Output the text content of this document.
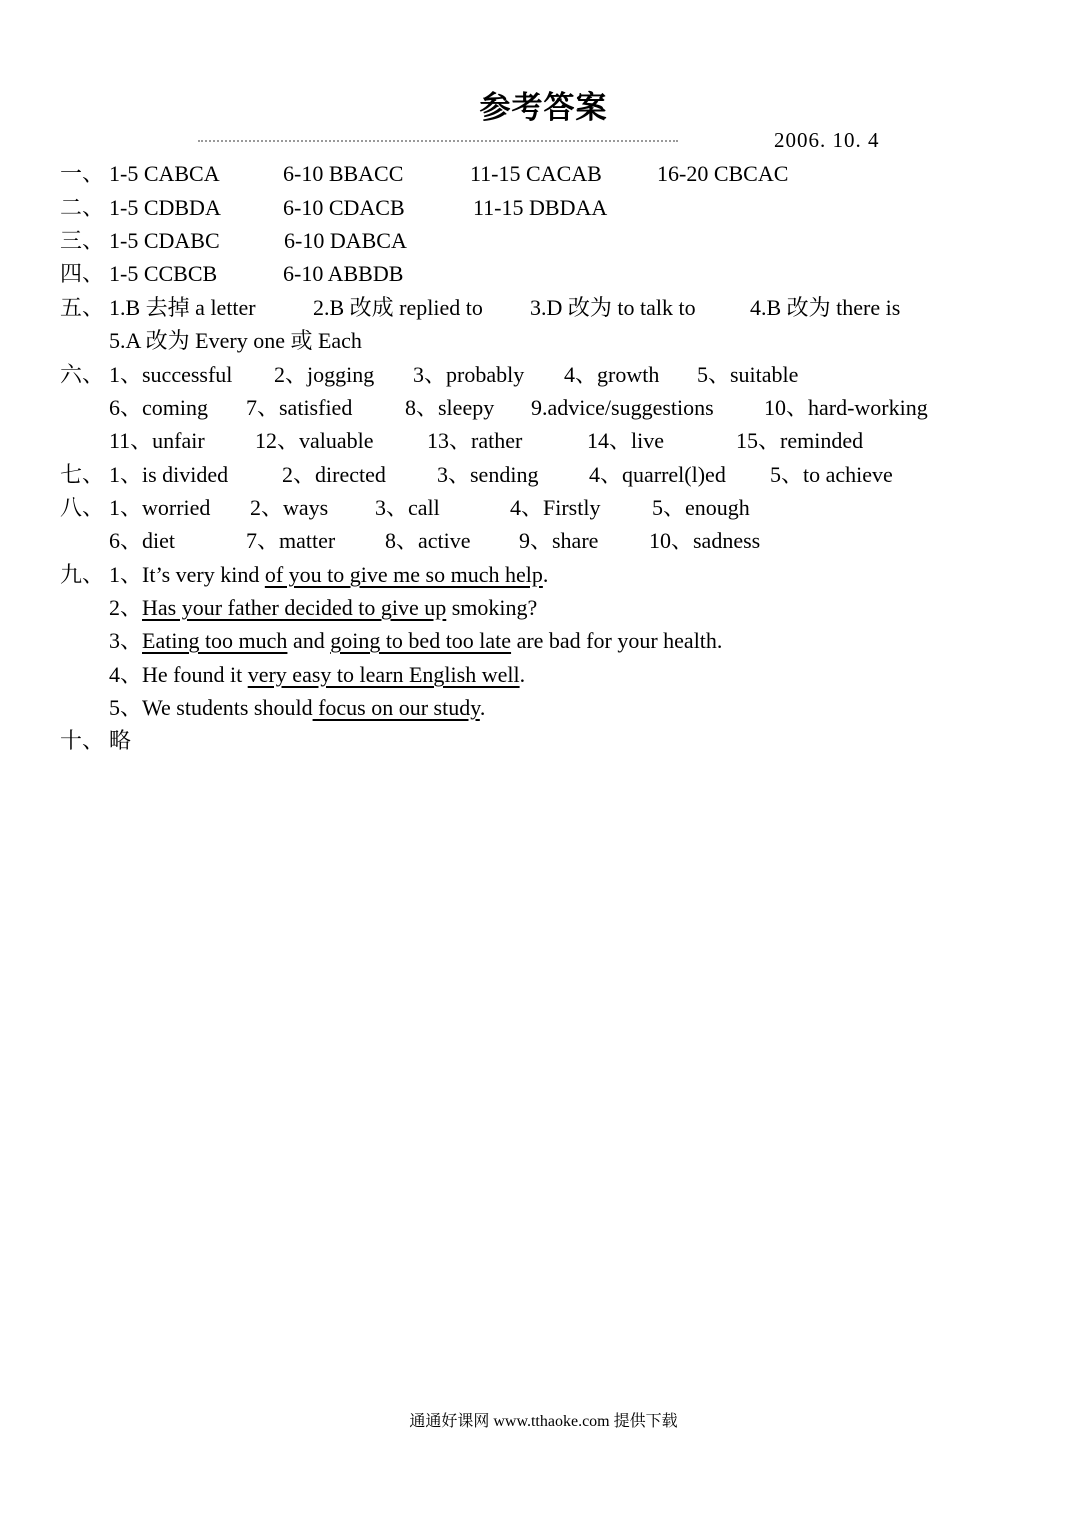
参考答案
2006. 10. 4
一、 1-5 CABCA	6-10 BBACC	11-15 CACAB	16-20 CBCAC
二、 1-5 CDBDA	6-10 CDACB	11-15 DBDAA
三、 1-5 CDABC	6-10 DABCA
四、 1-5 CCBCB	6-10 ABBDB
五、 1.B 去掉 a letter	2.B 改成 replied to 3.D 改为 to talk to 4.B 改为 there is
5.A 改为 Every one 或 Each
六、 1、successful 2、jogging 3、probably 4、growth 5、suitable
6、coming 7、satisfied 8、sleepy 9.advice/suggestions 10、hard-working
11、unfair 12、valuable 13、rather	14、live	15、reminded
七、 1、is divided 2、directed 3、sending 4、quarrel(l)ed 5、to achieve
八、 1、worried 2、ways 3、call	4、Firstly 5、enough
6、diet	7、matter 8、active 9、share 10、sadness
九、 1、It’s very kind of you to give me so much help.
2、Has your father decided to give up smoking?
3、Eating too much and going to bed too late are bad for your health.
4、He found it very easy to learn English well.
5、We students should focus on our study.
十、 略
通通好课网 www.tthaoke.com 提供下载
